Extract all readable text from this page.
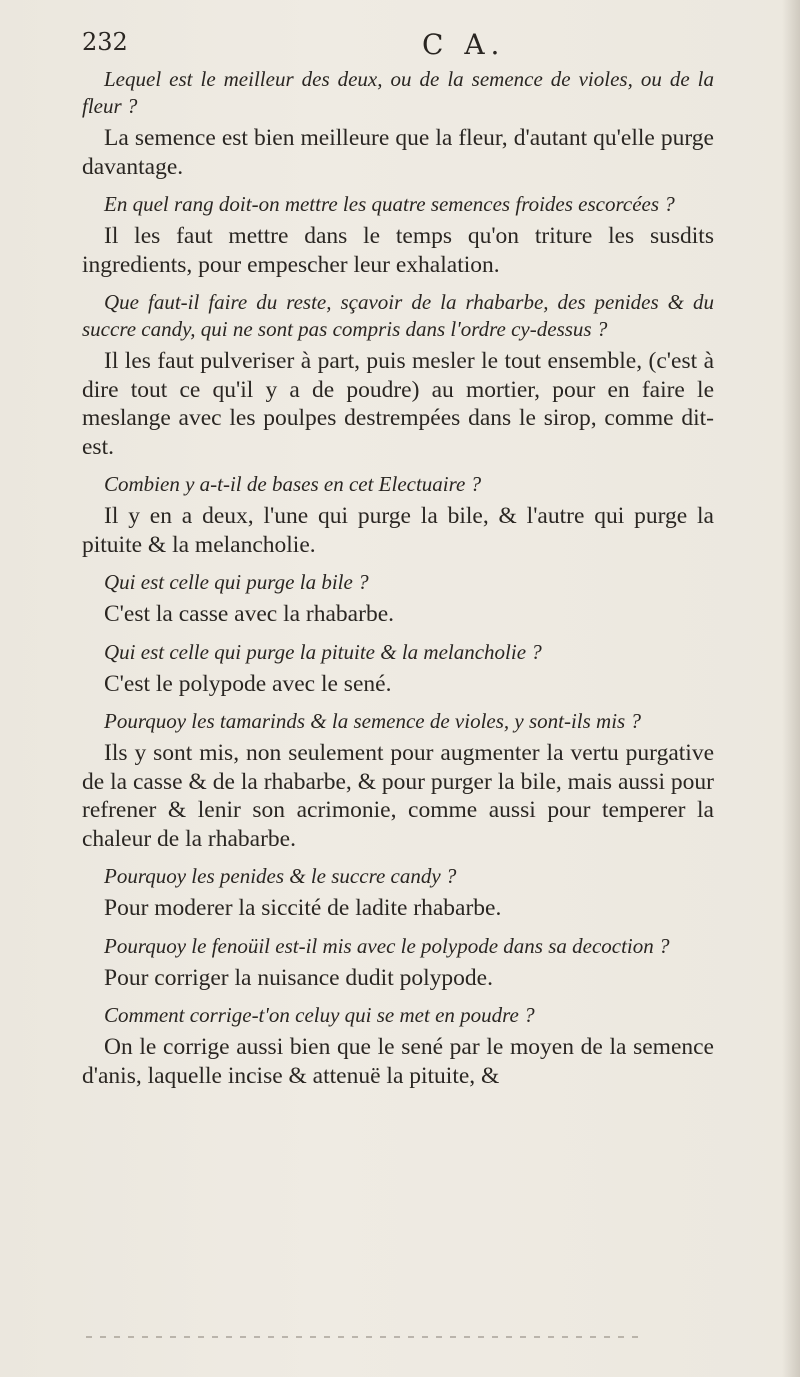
232	C A.

Lequel est le meilleur des deux, ou de la semence de violes, ou de la fleur ?

La semence est bien meilleure que la fleur, d'autant qu'elle purge davantage.

En quel rang doit-on mettre les quatre semences froides escorcées ?

Il les faut mettre dans le temps qu'on triture les susdits ingredients, pour empescher leur exhalation.

Que faut-il faire du reste, sçavoir de la rhabarbe, des penides & du succre candy, qui ne sont pas compris dans l'ordre cy-dessus ?

Il les faut pulveriser à part, puis mesler le tout ensemble, (c'est à dire tout ce qu'il y a de poudre) au mortier, pour en faire le meslange avec les poulpes destrempées dans le sirop, comme dit-est.

Combien y a-t-il de bases en cet Electuaire ?

Il y en a deux, l'une qui purge la bile, & l'autre qui purge la pituite & la melancholie.

Qui est celle qui purge la bile ?

C'est la casse avec la rhabarbe.

Qui est celle qui purge la pituite & la melancholie ?

C'est le polypode avec le sené.

Pourquoy les tamarinds & la semence de violes, y sont-ils mis ?

Ils y sont mis, non seulement pour augmenter la vertu purgative de la casse & de la rhabarbe, & pour purger la bile, mais aussi pour refrener & lenir son acrimonie, comme aussi pour temperer la chaleur de la rhabarbe.

Pourquoy les penides & le succre candy ?

Pour moderer la siccité de ladite rhabarbe.

Pourquoy le fenoüil est-il mis avec le polypode dans sa decoction ?

Pour corriger la nuisance dudit polypode.

Comment corrige-t'on celuy qui se met en poudre ?

On le corrige aussi bien que le sené par le moyen de la semence d'anis, laquelle incise & attenuë la pituite, &
